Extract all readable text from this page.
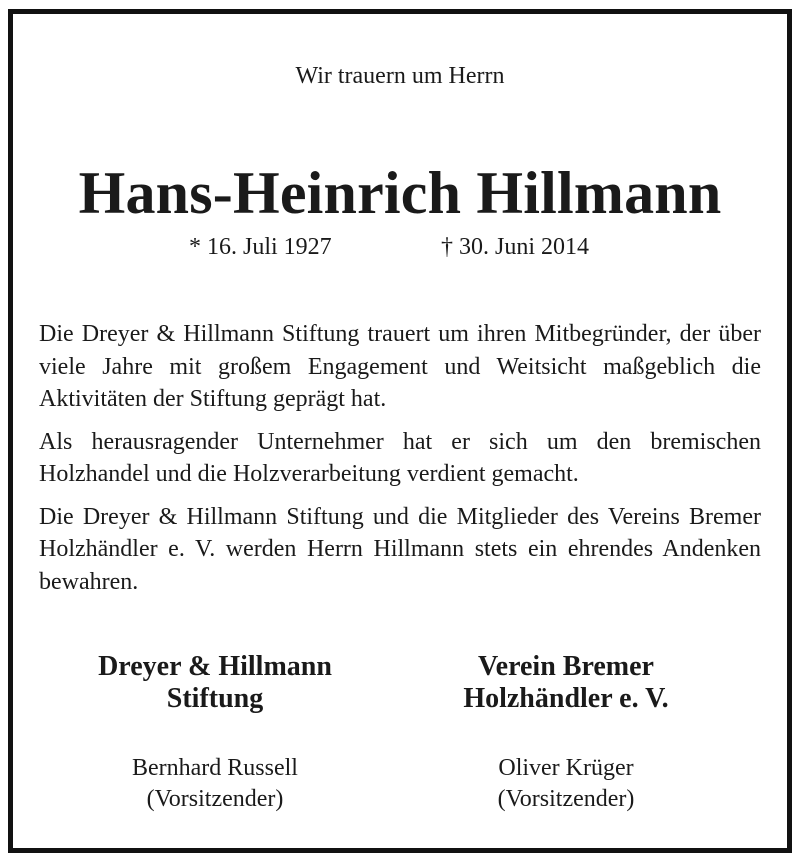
Wir trauern um Herrn
Hans-Heinrich Hillmann
* 16. Juli 1927	† 30. Juni 2014

Die Dreyer & Hillmann Stiftung trauert um ihren Mitbegründer, der über viele Jahre mit großem Engagement und Weitsicht maßgeblich die Aktivitäten der Stiftung geprägt hat.

Als herausragender Unternehmer hat er sich um den bremischen Holzhandel und die Holzverarbeitung verdient gemacht.

Die Dreyer & Hillmann Stiftung und die Mitglieder des Vereins Bremer Holzhändler e. V. werden Herrn Hillmann stets ein ehrendes Andenken bewahren.

Dreyer & Hillmann
Stiftung
Bernhard Russell
(Vorsitzender)
Verein Bremer
Holzhändler e. V.
Oliver Krüger
(Vorsitzender)
